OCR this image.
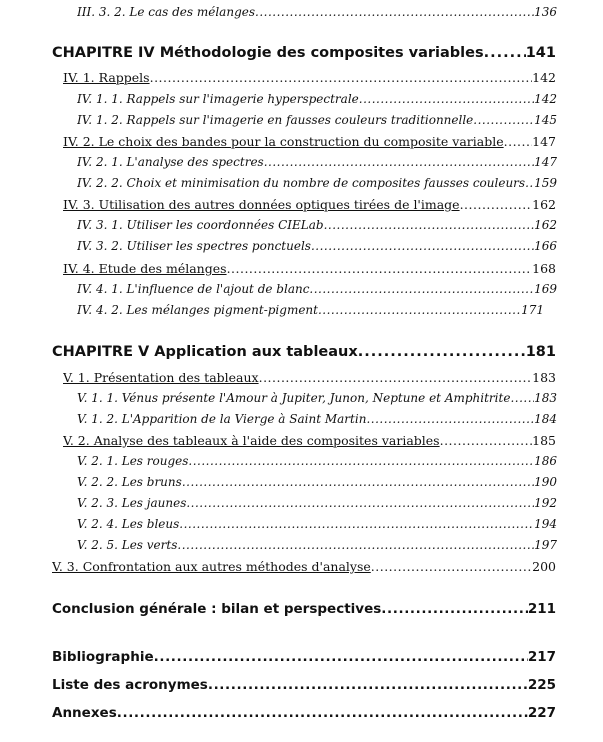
III. 3. 2. Le cas des mélanges .....	136
CHAPITRE IV Méthodologie des composites variables .....	141
IV. 1. Rappels .....	142
IV. 1. 1. Rappels sur l'imagerie hyperspectrale .....	142
IV. 1. 2. Rappels sur l'imagerie en fausses couleurs traditionnelle .....	145
IV. 2. Le choix des bandes pour la construction du composite variable ..... 147
IV. 2. 1. L'analyse des spectres .....	147
IV. 2. 2. Choix et minimisation du nombre de composites fausses couleurs ..... 159
IV. 3. Utilisation des autres données optiques tirées de l'image .....	162
IV. 3. 1. Utiliser les coordonnées CIELab .....	162
IV. 3. 2. Utiliser les spectres ponctuels .....	166
IV. 4. Etude des mélanges .....	168
IV. 4. 1. L'influence de l'ajout de blanc .....	169
IV. 4. 2. Les mélanges pigment-pigment .....	171
CHAPITRE V Application aux tableaux .....	181
V. 1. Présentation des tableaux .....	183
V. 1. 1. Vénus présente l'Amour à Jupiter, Junon, Neptune et Amphitrite ..... 183
V. 1. 2. L'Apparition de la Vierge à Saint Martin .....	184
V. 2. Analyse des tableaux à l'aide des composites variables .....	185
V. 2. 1. Les rouges .....	186
V. 2. 2. Les bruns .....	190
V. 2. 3. Les jaunes .....	192
V. 2. 4. Les bleus .....	194
V. 2. 5. Les verts .....	197
V. 3. Confrontation aux autres méthodes d'analyse .....	200
Conclusion générale : bilan et perspectives .....	211
Bibliographie .....	217
Liste des acronymes .....	225
Annexes .....	227
